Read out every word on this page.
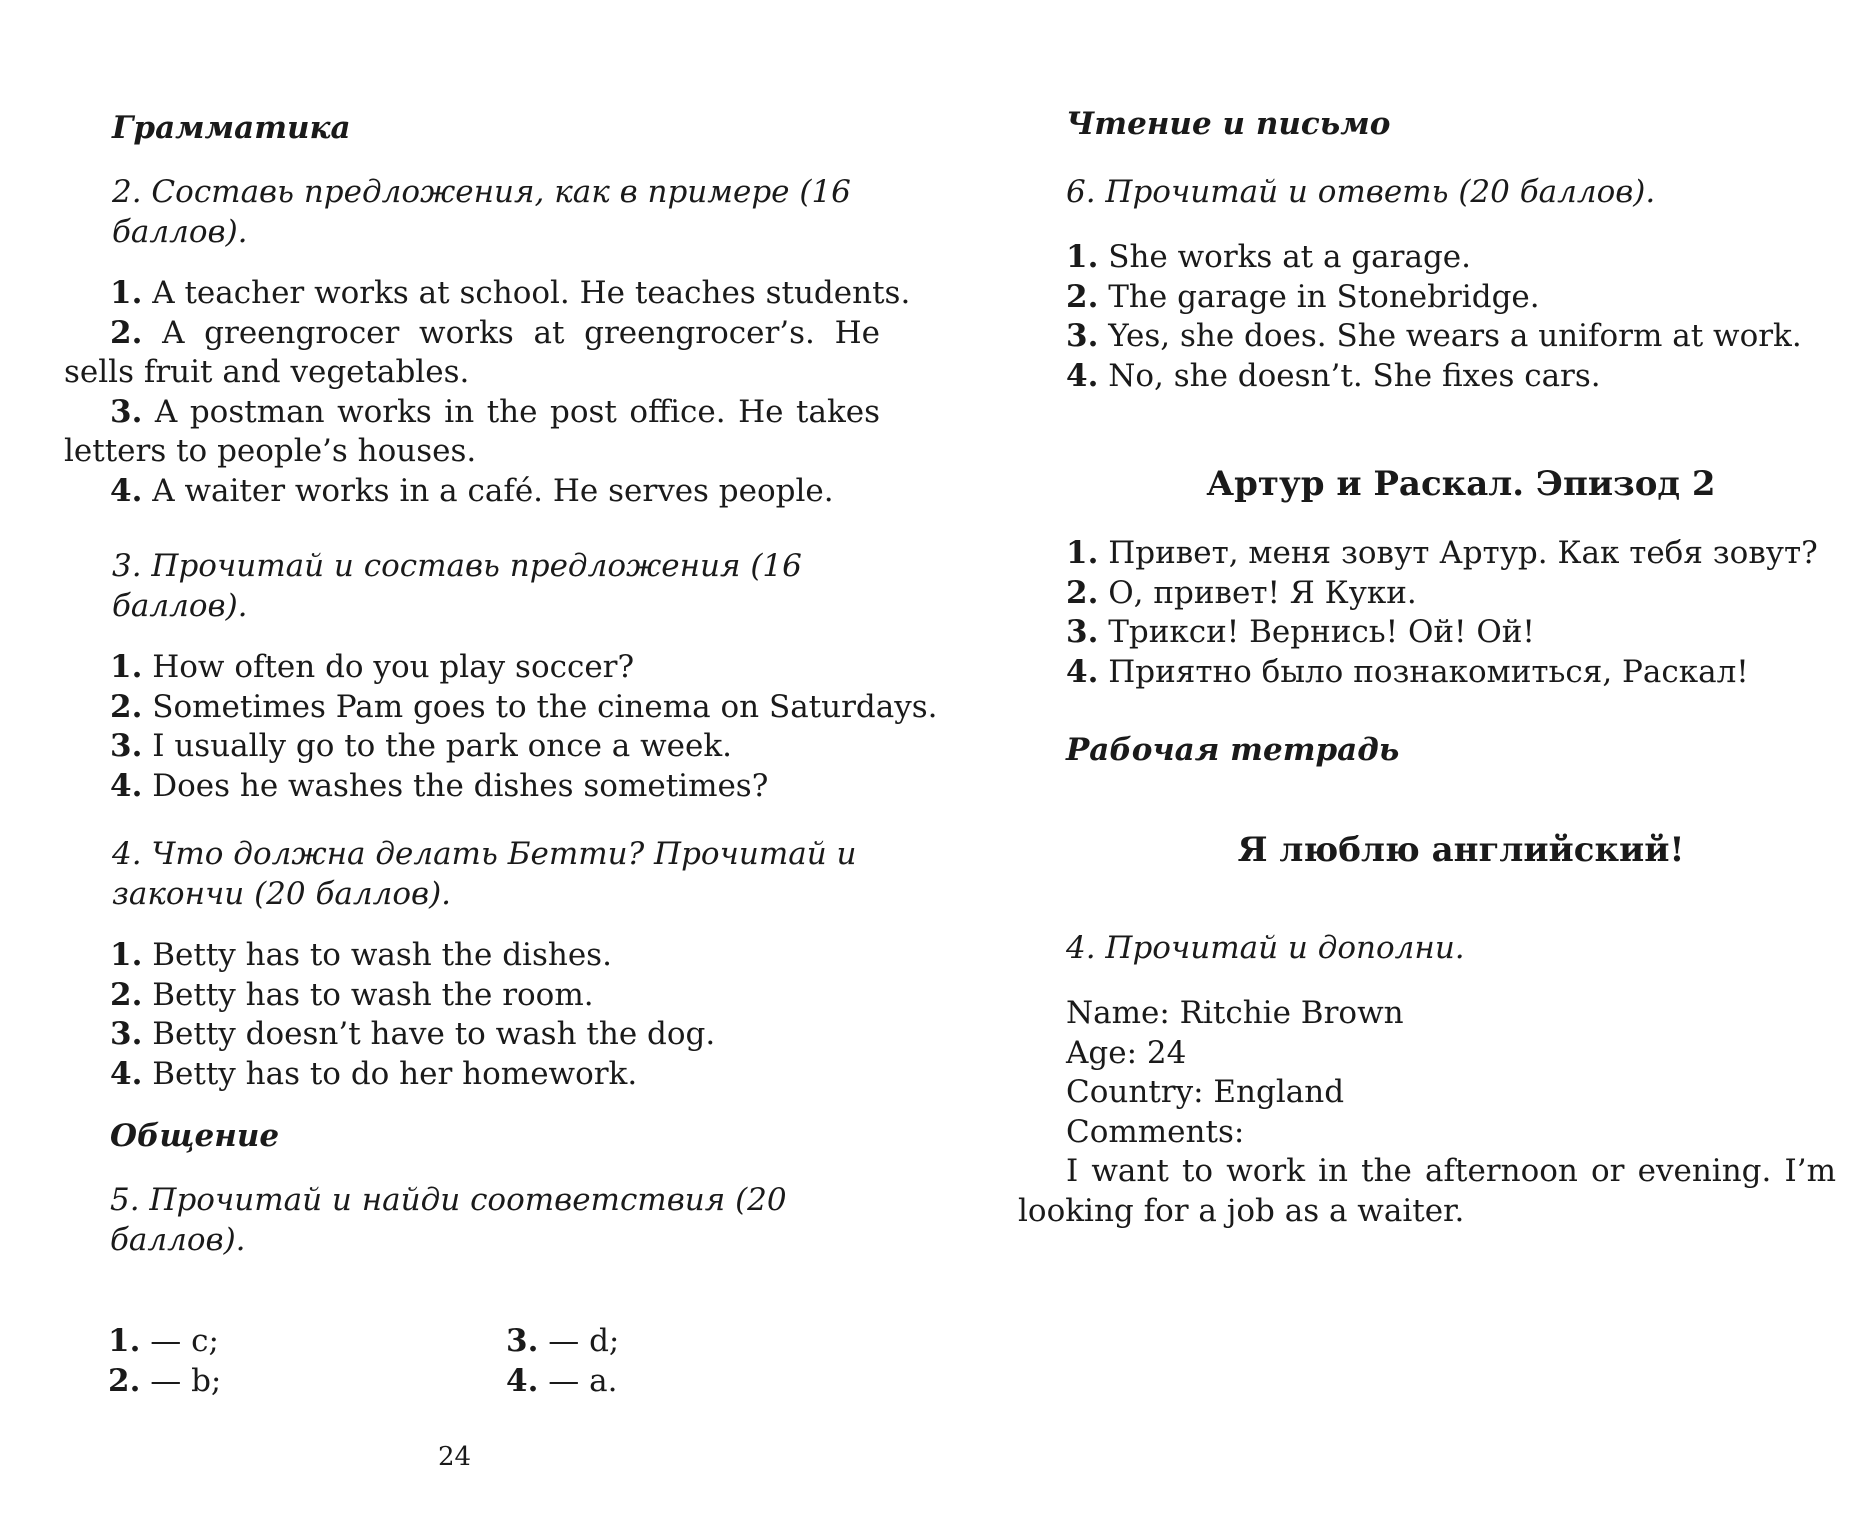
Грамматика
2. Составь предложения, как в примере (16 баллов).
1. A teacher works at school. He teaches students.
2. A greengrocer works at greengrocer’s. He sells fruit and vegetables.
3. A postman works in the post office. He takes letters to people’s houses.
4. A waiter works in a café. He serves people.
3. Прочитай и составь предложения (16 баллов).
1. How often do you play soccer?
2. Sometimes Pam goes to the cinema on Saturdays.
3. I usually go to the park once a week.
4. Does he washes the dishes sometimes?
4. Что должна делать Бетти? Прочитай и закончи (20 баллов).
1. Betty has to wash the dishes.
2. Betty has to wash the room.
3. Betty doesn’t have to wash the dog.
4. Betty has to do her homework.
Общение
5. Прочитай и найди соответствия (20 баллов).
1. — c;
2. — b;
3. — d;
4. — a.
24
Чтение и письмо
6. Прочитай и ответь (20 баллов).
1. She works at a garage.
2. The garage in Stonebridge.
3. Yes, she does. She wears a uniform at work.
4. No, she doesn’t. She fixes cars.
Артур и Раскал. Эпизод 2
1. Привет, меня зовут Артур. Как тебя зовут?
2. О, привет! Я Куки.
3. Трикси! Вернись! Ой! Ой!
4. Приятно было познакомиться, Раскал!
Рабочая тетрадь
Я люблю английский!
4. Прочитай и дополни.
Name: Ritchie Brown
Age: 24
Country: England
Comments:
I want to work in the afternoon or evening. I’m looking for a job as a waiter.
